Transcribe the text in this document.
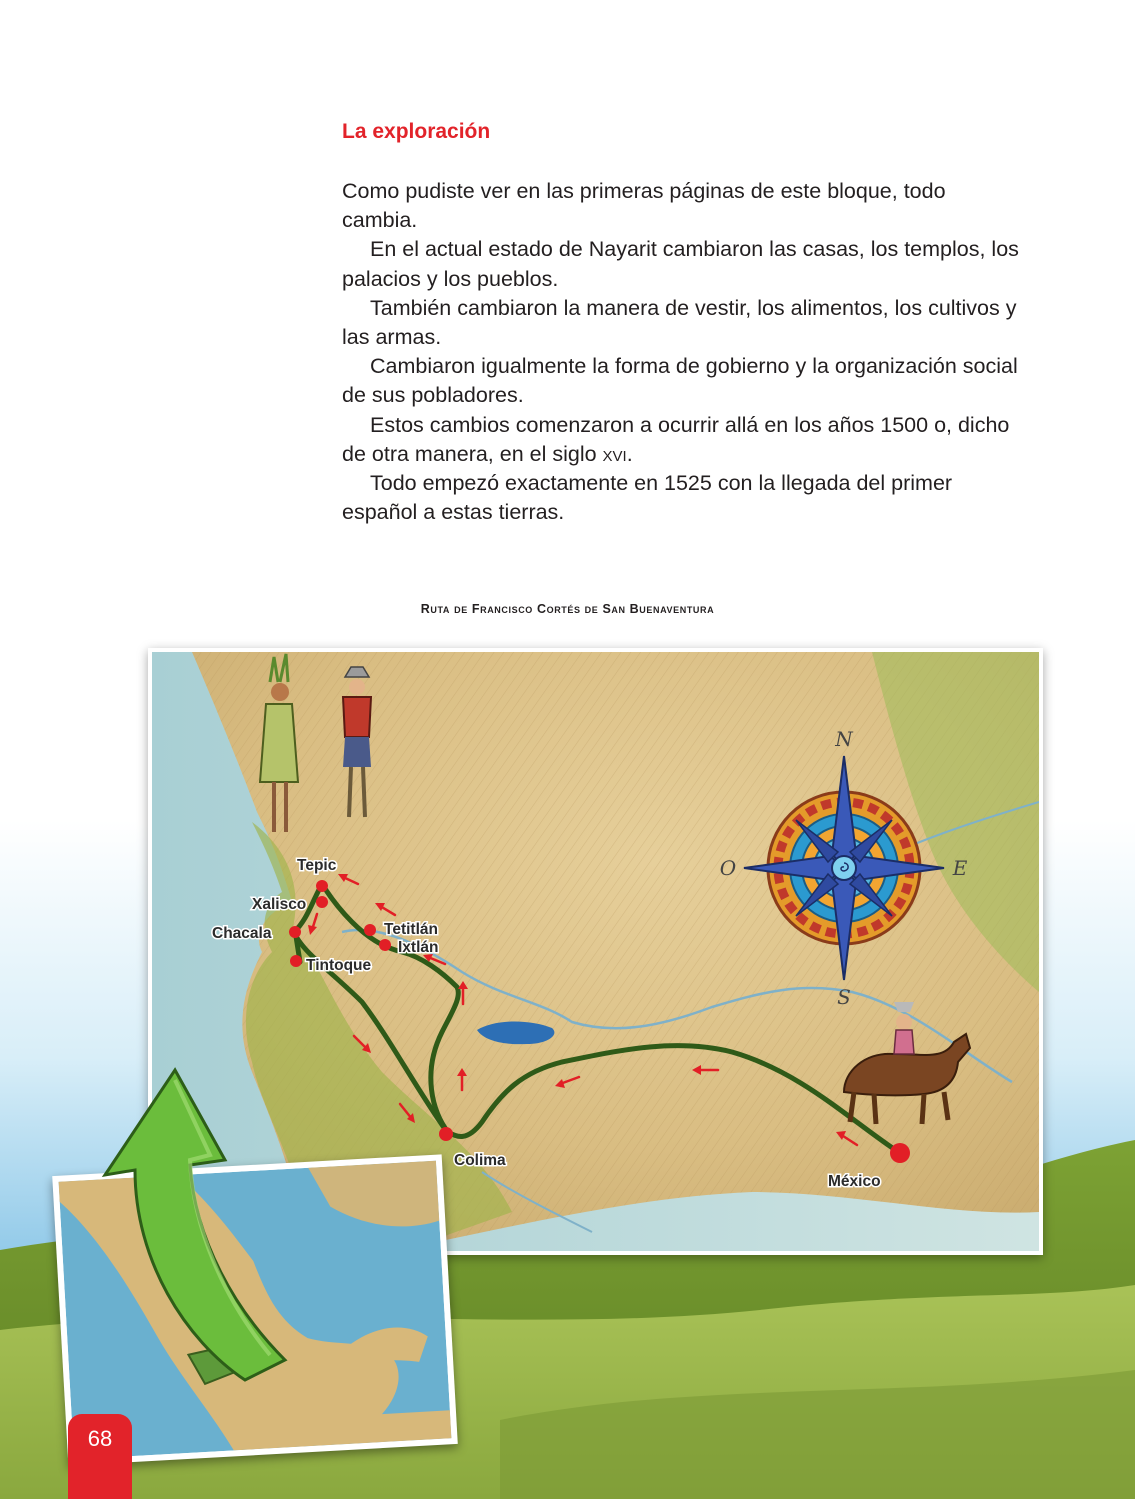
La exploración

Como pudiste ver en las primeras páginas de este bloque, todo cambia.

En el actual estado de Nayarit cambiaron las casas, los templos, los palacios y los pueblos.

También cambiaron la manera de vestir, los alimentos, los cultivos y las armas.

Cambiaron igualmente la forma de gobierno y la organización social de sus pobladores.

Estos cambios comenzaron a ocurrir allá en los años 1500 o, dicho de otra manera, en el siglo xvi.

Todo empezó exactamente en 1525 con la llegada del primer español a estas tierras.

Ruta de Francisco Cortés de San Buenaventura
Tepic
Xalisco
Chacala	Tetitlán
Ixtlán
Tintoque
Colima
México
N
S
E
O
68
